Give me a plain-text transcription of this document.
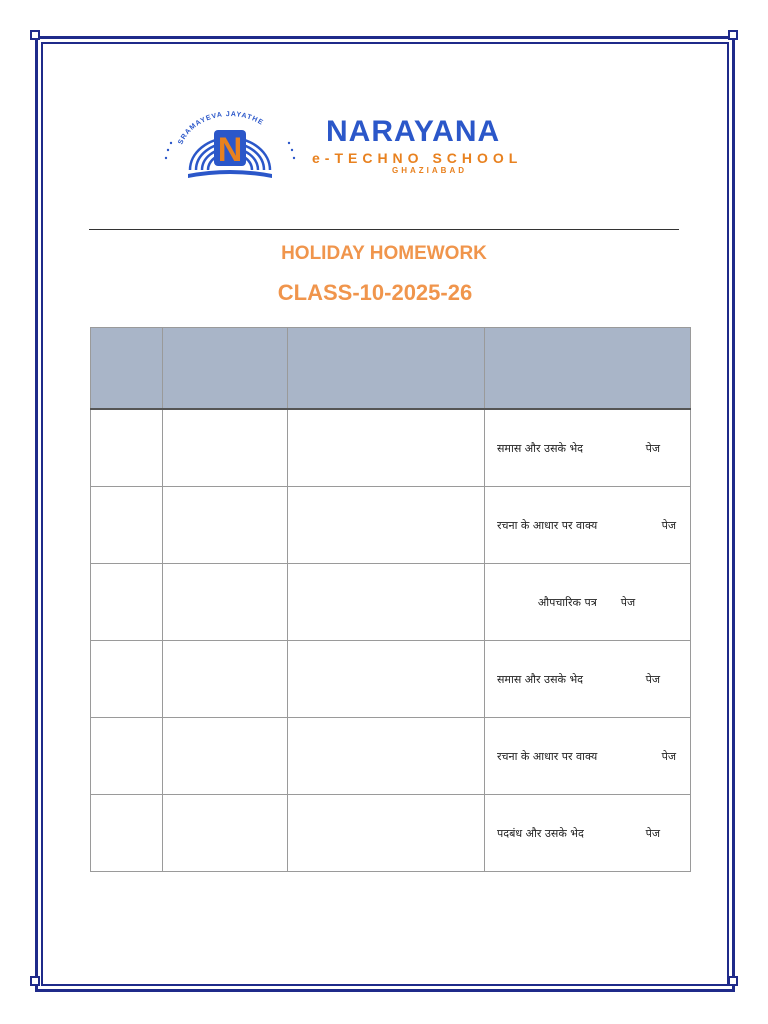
SRAMAYEVA JAYATHE
N	NARAYANA
e-TECHNO SCHOOL
GHAZIABAD
HOLIDAY HOMEWORK
CLASS-10-2025-26

			समास और उसके भेद पेज

			रचना के आधार पर वाक्य पेज

			औपचारिक पत्र पेज

			समास और उसके भेद पेज

			रचना के आधार पर वाक्य पेज

			पदबंध और उसके भेद पेज
